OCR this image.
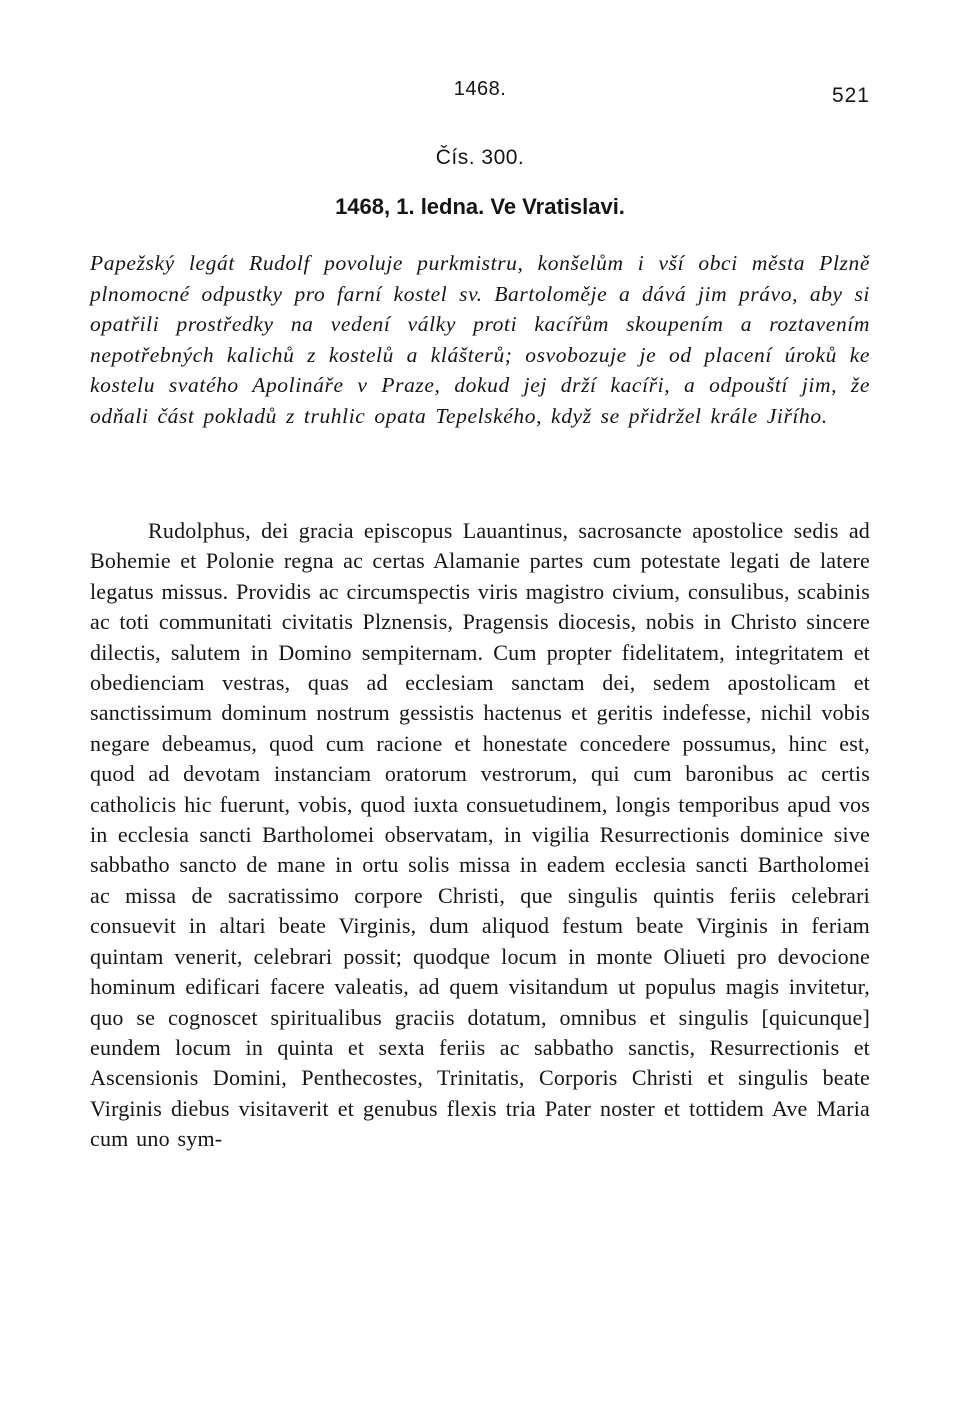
1468.	521
Čís. 300.
1468, 1. ledna. Ve Vratislavi.

Papežský legát Rudolf povoluje purkmistru, konšelům i vší obci města Plzně plnomocné odpustky pro farní kostel sv. Bartoloměje a dává jim právo, aby si opatřili prostředky na vedení války proti kacířům skoupením a roztavením nepotřebných kalichů z kostelů a klášterů; osvobozuje je od placení úroků ke kostelu svatého Apolináře v Praze, dokud jej drží kacíři, a odpouští jim, že odňali část pokladů z truhlic opata Tepelského, když se přidržel krále Jiřího.

Rudolphus, dei gracia episcopus Lauantinus, sacrosancte apostolice sedis ad Bohemie et Polonie regna ac certas Alamanie partes cum potestate legati de latere legatus missus. Providis ac circumspectis viris magistro civium, consulibus, scabinis ac toti communitati civitatis Plznensis, Pragensis diocesis, nobis in Christo sincere dilectis, salutem in Domino sempiternam. Cum propter fidelitatem, integritatem et obedienciam vestras, quas ad ecclesiam sanctam dei, sedem apostolicam et sanctissimum dominum nostrum gessistis hactenus et geritis indefesse, nichil vobis negare debeamus, quod cum racione et honestate concedere possumus, hinc est, quod ad devotam instanciam oratorum vestrorum, qui cum baronibus ac certis catholicis hic fuerunt, vobis, quod iuxta consuetudinem, longis temporibus apud vos in ecclesia sancti Bartholomei observatam, in vigilia Resurrectionis dominice sive sabbatho sancto de mane in ortu solis missa in eadem ecclesia sancti Bartholomei ac missa de sacratissimo corpore Christi, que singulis quintis feriis celebrari consuevit in altari beate Virginis, dum aliquod festum beate Virginis in feriam quintam venerit, celebrari possit; quodque locum in monte Olіueti pro devocione hominum edificari facere valeatis, ad quem visitandum ut populus magis invitetur, quo se cognoscet spiritualibus graciis dotatum, omnibus et singulis [quicunque] eundem locum in quinta et sexta feriis ac sabbatho sanctis, Resurrectionis et Ascensionis Domini, Penthecostes, Trinitatis, Corporis Christi et singulis beate Virginis diebus visitaverit et genubus flexis tria Pater noster et tottidem Ave Maria cum uno sym-
